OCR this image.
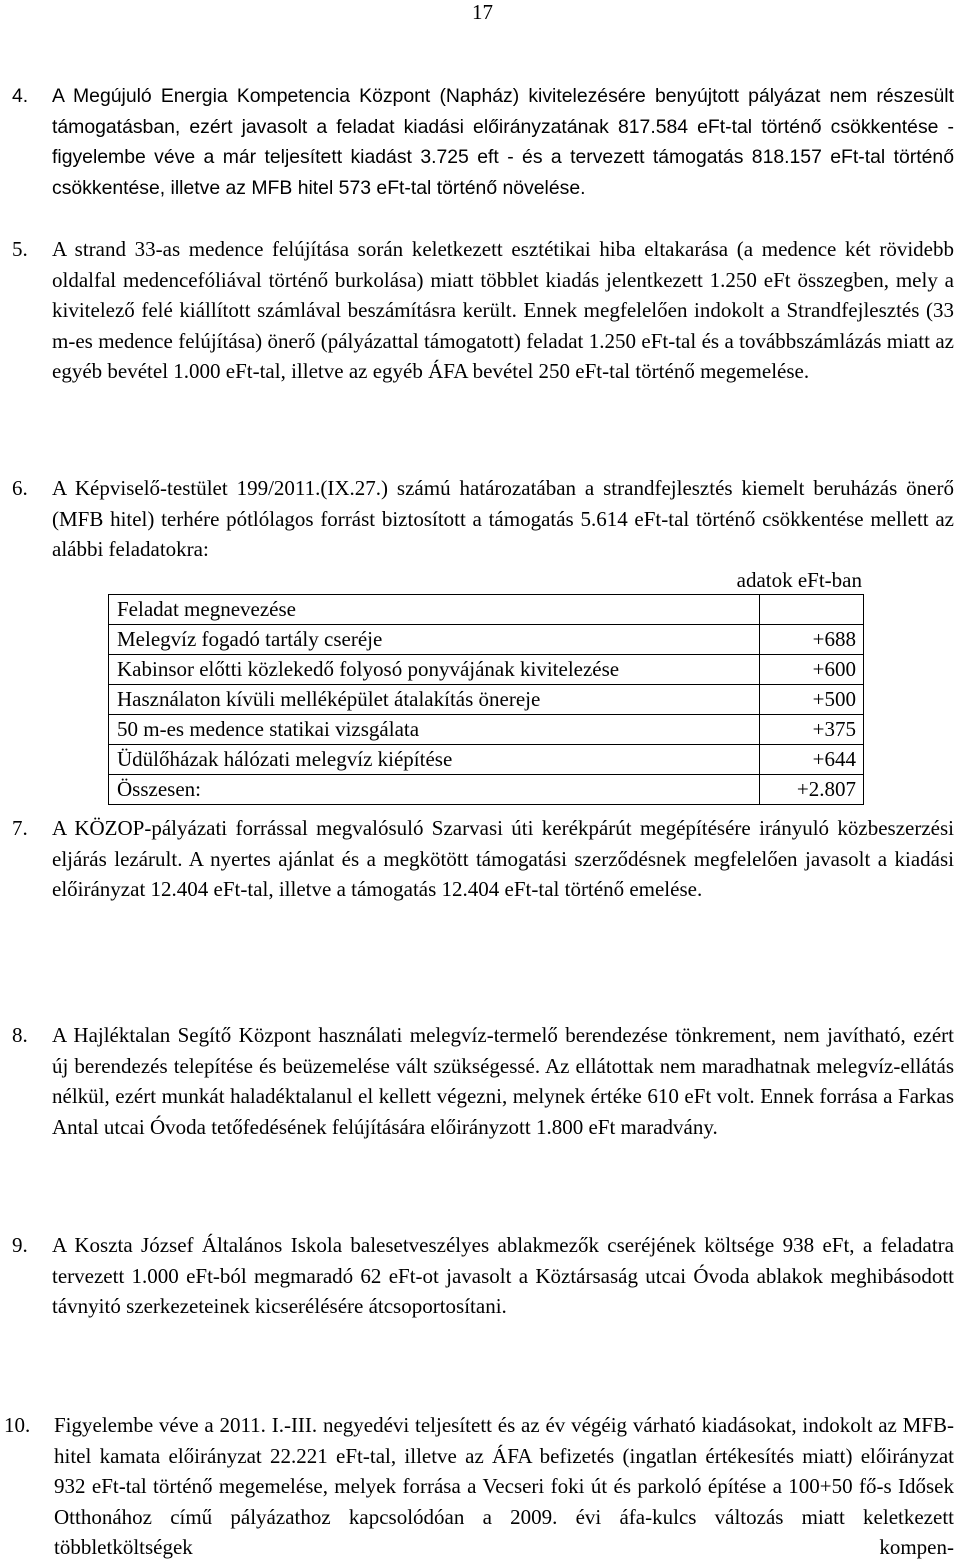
17
4.	A Megújuló Energia Kompetencia Központ (Napház) kivitelezésére benyújtott pályázat nem részesült támogatásban, ezért javasolt a feladat kiadási előirányzatának 817.584 eFt-tal történő csökkentése - figyelembe véve a már teljesített kiadást 3.725 eft - és a tervezett támogatás 818.157 eFt-tal történő csökkentése, illetve az MFB hitel 573 eFt-tal történő növelése.
5.	A strand 33-as medence felújítása során keletkezett esztétikai hiba eltakarása (a medence két rövidebb oldalfal medencefóliával történő burkolása) miatt többlet kiadás jelentkezett 1.250 eFt összegben, mely a kivitelező felé kiállított számlával beszámításra került. Ennek megfelelően indokolt a Strandfejlesztés (33 m-es medence felújítása) önerő (pályázattal támogatott) feladat 1.250 eFt-tal és a továbbszámlázás miatt az egyéb bevétel 1.000 eFt-tal, illetve az egyéb ÁFA bevétel 250 eFt-tal történő megemelése.
6.	A Képviselő-testület 199/2011.(IX.27.) számú határozatában a strandfejlesztés kiemelt beruházás önerő (MFB hitel) terhére pótlólagos forrást biztosított a támogatás 5.614 eFt-tal történő csökkentése mellett az alábbi feladatokra:
adatok eFt-ban
Feladat megnevezése	
Melegvíz fogadó tartály cseréje	+688
Kabinsor előtti közlekedő folyosó ponyvájának kivitelezése	+600
Használaton kívüli melléképület átalakítás önereje	+500
50 m-es medence statikai vizsgálata	+375
Üdülőházak hálózati melegvíz kiépítése	+644
Összesen:	+2.807
7.	A KÖZOP-pályázati forrással megvalósuló Szarvasi úti kerékpárút megépítésére irányuló közbeszerzési eljárás lezárult. A nyertes ajánlat és a megkötött támogatási szerződésnek megfelelően javasolt a kiadási előirányzat 12.404 eFt-tal, illetve a támogatás 12.404 eFt-tal történő emelése.
8.	A Hajléktalan Segítő Központ használati melegvíz-termelő berendezése tönkrement, nem javítható, ezért új berendezés telepítése és beüzemelése vált szükségessé. Az ellátottak nem maradhatnak melegvíz-ellátás nélkül, ezért munkát haladéktalanul el kellett végezni, melynek értéke 610 eFt volt. Ennek forrása a Farkas Antal utcai Óvoda tetőfedésének felújítására előirányzott 1.800 eFt maradvány.
9.	A Koszta József Általános Iskola balesetveszélyes ablakmezők cseréjének költsége 938 eFt, a feladatra tervezett 1.000 eFt-ból megmaradó 62 eFt-ot javasolt a Köztársaság utcai Óvoda ablakok meghibásodott távnyitó szerkezeteinek kicserélésére átcsoportosítani.
10.	Figyelembe véve a 2011. I.-III. negyedévi teljesített és az év végéig várható kiadásokat, indokolt az MFB-hitel kamata előirányzat 22.221 eFt-tal, illetve az ÁFA befizetés (ingatlan értékesítés miatt) előirányzat 932 eFt-tal történő megemelése, melyek forrása a Vecseri foki út és parkoló építése a 100+50 fő-s Idősek Otthonához című pályázathoz kapcsolódóan a 2009. évi áfa-kulcs változás miatt keletkezett többletköltségek kompen-
